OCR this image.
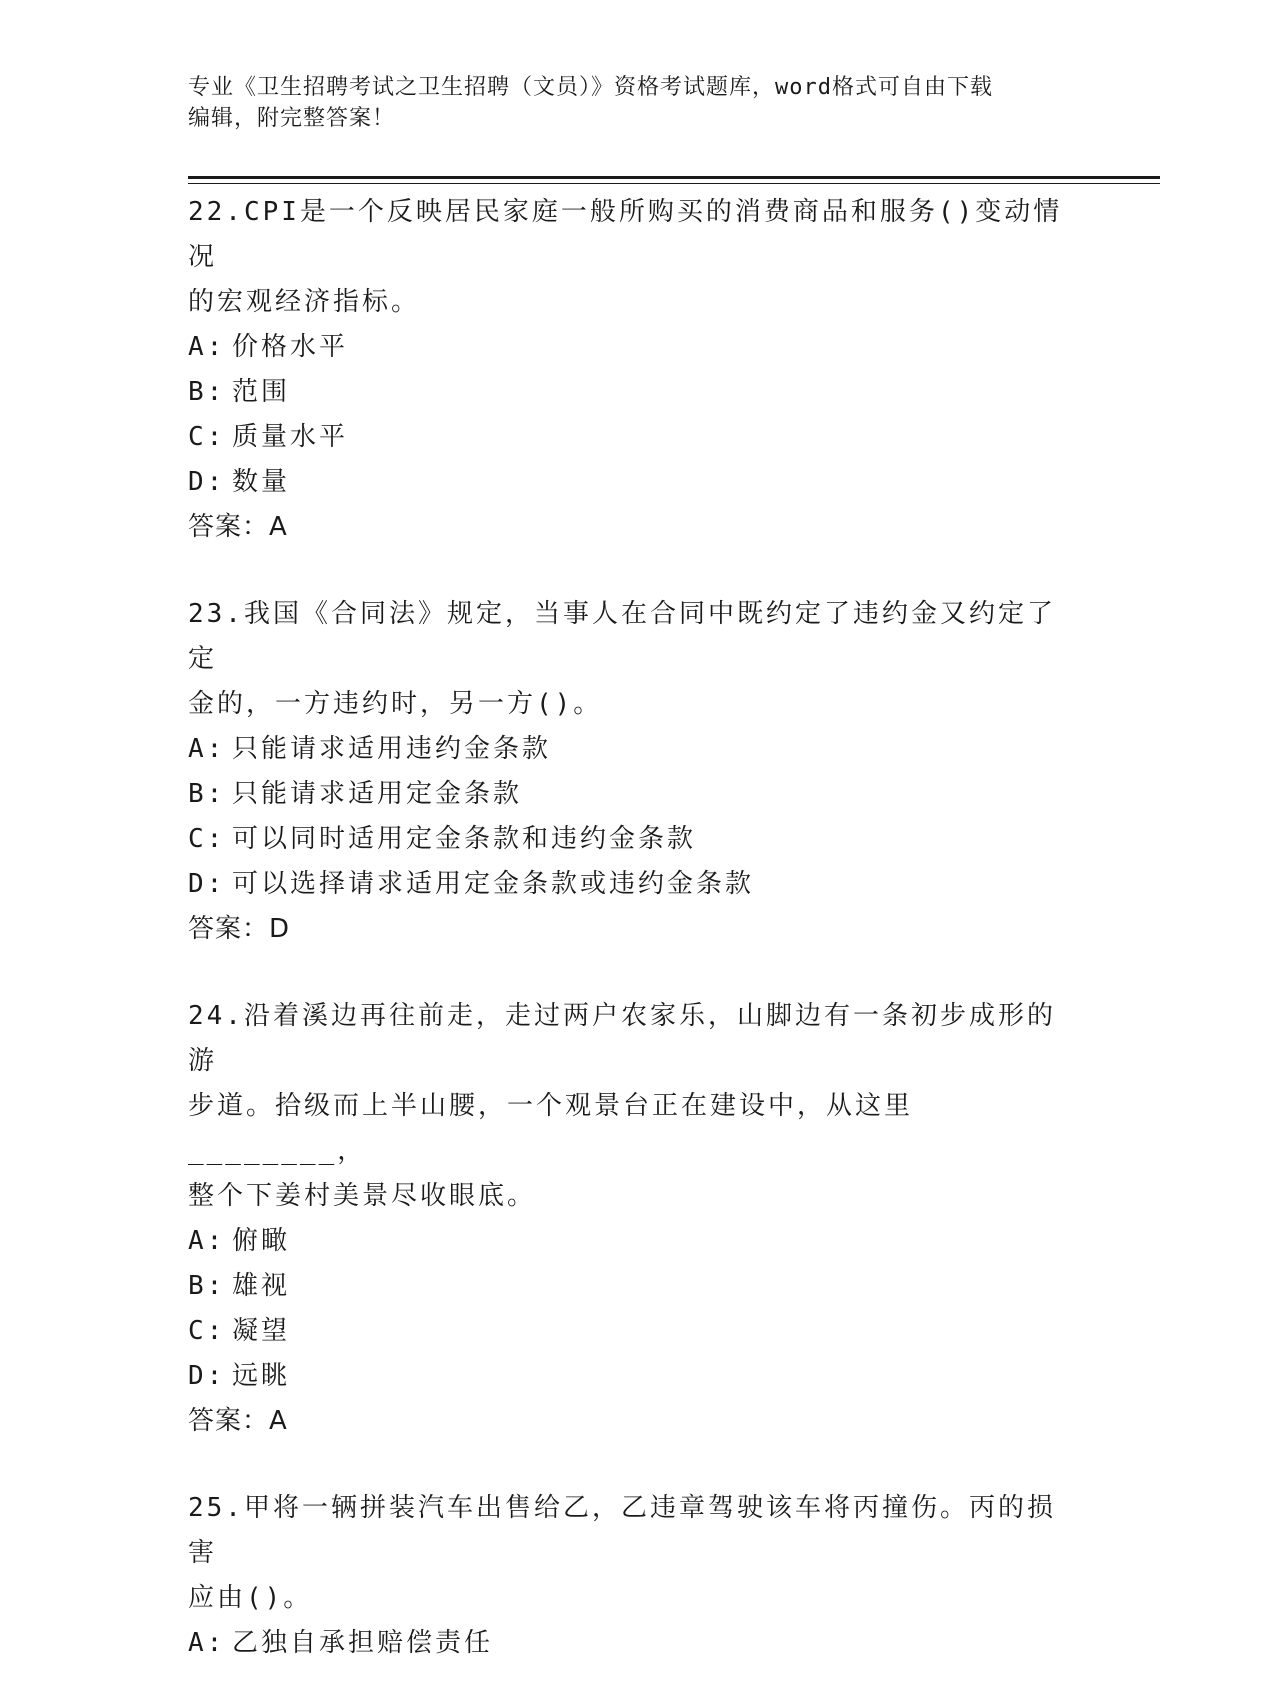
专业《卫生招聘考试之卫生招聘（文员）》资格考试题库，word格式可自由下载
编辑，附完整答案！
22.CPI是一个反映居民家庭一般所购买的消费商品和服务()变动情况
的宏观经济指标。
A: 价格水平
B: 范围
C: 质量水平
D: 数量
答案：A
23.我国《合同法》规定，当事人在合同中既约定了违约金又约定了定
金的，一方违约时，另一方()。
A: 只能请求适用违约金条款
B: 只能请求适用定金条款
C: 可以同时适用定金条款和违约金条款
D: 可以选择请求适用定金条款或违约金条款
答案：D
24.沿着溪边再往前走，走过两户农家乐，山脚边有一条初步成形的游
步道。拾级而上半山腰，一个观景台正在建设中，从这里________，
整个下姜村美景尽收眼底。
A: 俯瞰
B: 雄视
C: 凝望
D: 远眺
答案：A
25.甲将一辆拼装汽车出售给乙，乙违章驾驶该车将丙撞伤。丙的损害
应由()。
A: 乙独自承担赔偿责任
